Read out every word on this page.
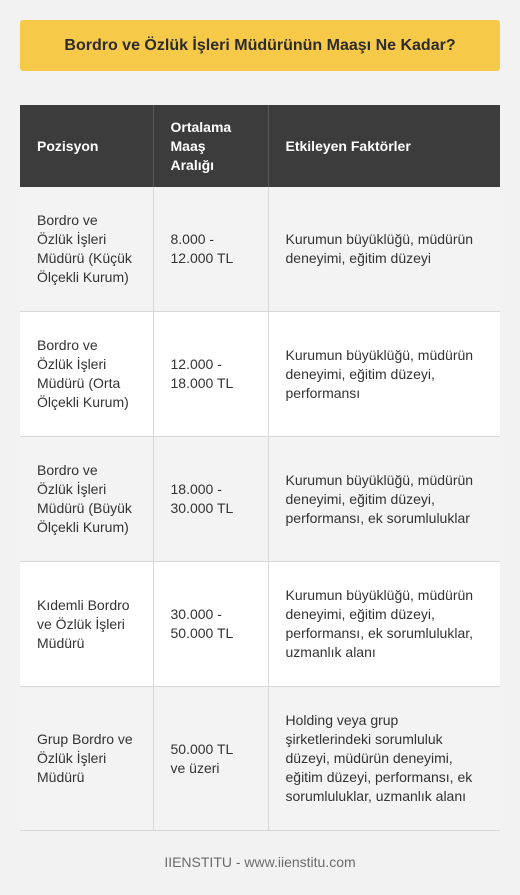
Bordro ve Özlük İşleri Müdürünün Maaşı Ne Kadar?
Pozisyon	Ortalama Maaş Aralığı	Etkileyen Faktörler
Bordro ve Özlük İşleri Müdürü (Küçük Ölçekli Kurum)	8.000 - 12.000 TL	Kurumun büyüklüğü, müdürün deneyimi, eğitim düzeyi
Bordro ve Özlük İşleri Müdürü (Orta Ölçekli Kurum)	12.000 - 18.000 TL	Kurumun büyüklüğü, müdürün deneyimi, eğitim düzeyi, performansı
Bordro ve Özlük İşleri Müdürü (Büyük Ölçekli Kurum)	18.000 - 30.000 TL	Kurumun büyüklüğü, müdürün deneyimi, eğitim düzeyi, performansı, ek sorumluluklar
Kıdemli Bordro ve Özlük İşleri Müdürü	30.000 - 50.000 TL	Kurumun büyüklüğü, müdürün deneyimi, eğitim düzeyi, performansı, ek sorumluluklar, uzmanlık alanı
Grup Bordro ve Özlük İşleri Müdürü	50.000 TL ve üzeri	Holding veya grup şirketlerindeki sorumluluk düzeyi, müdürün deneyimi, eğitim düzeyi, performansı, ek sorumluluklar, uzmanlık alanı
IIENSTITU - www.iienstitu.com
